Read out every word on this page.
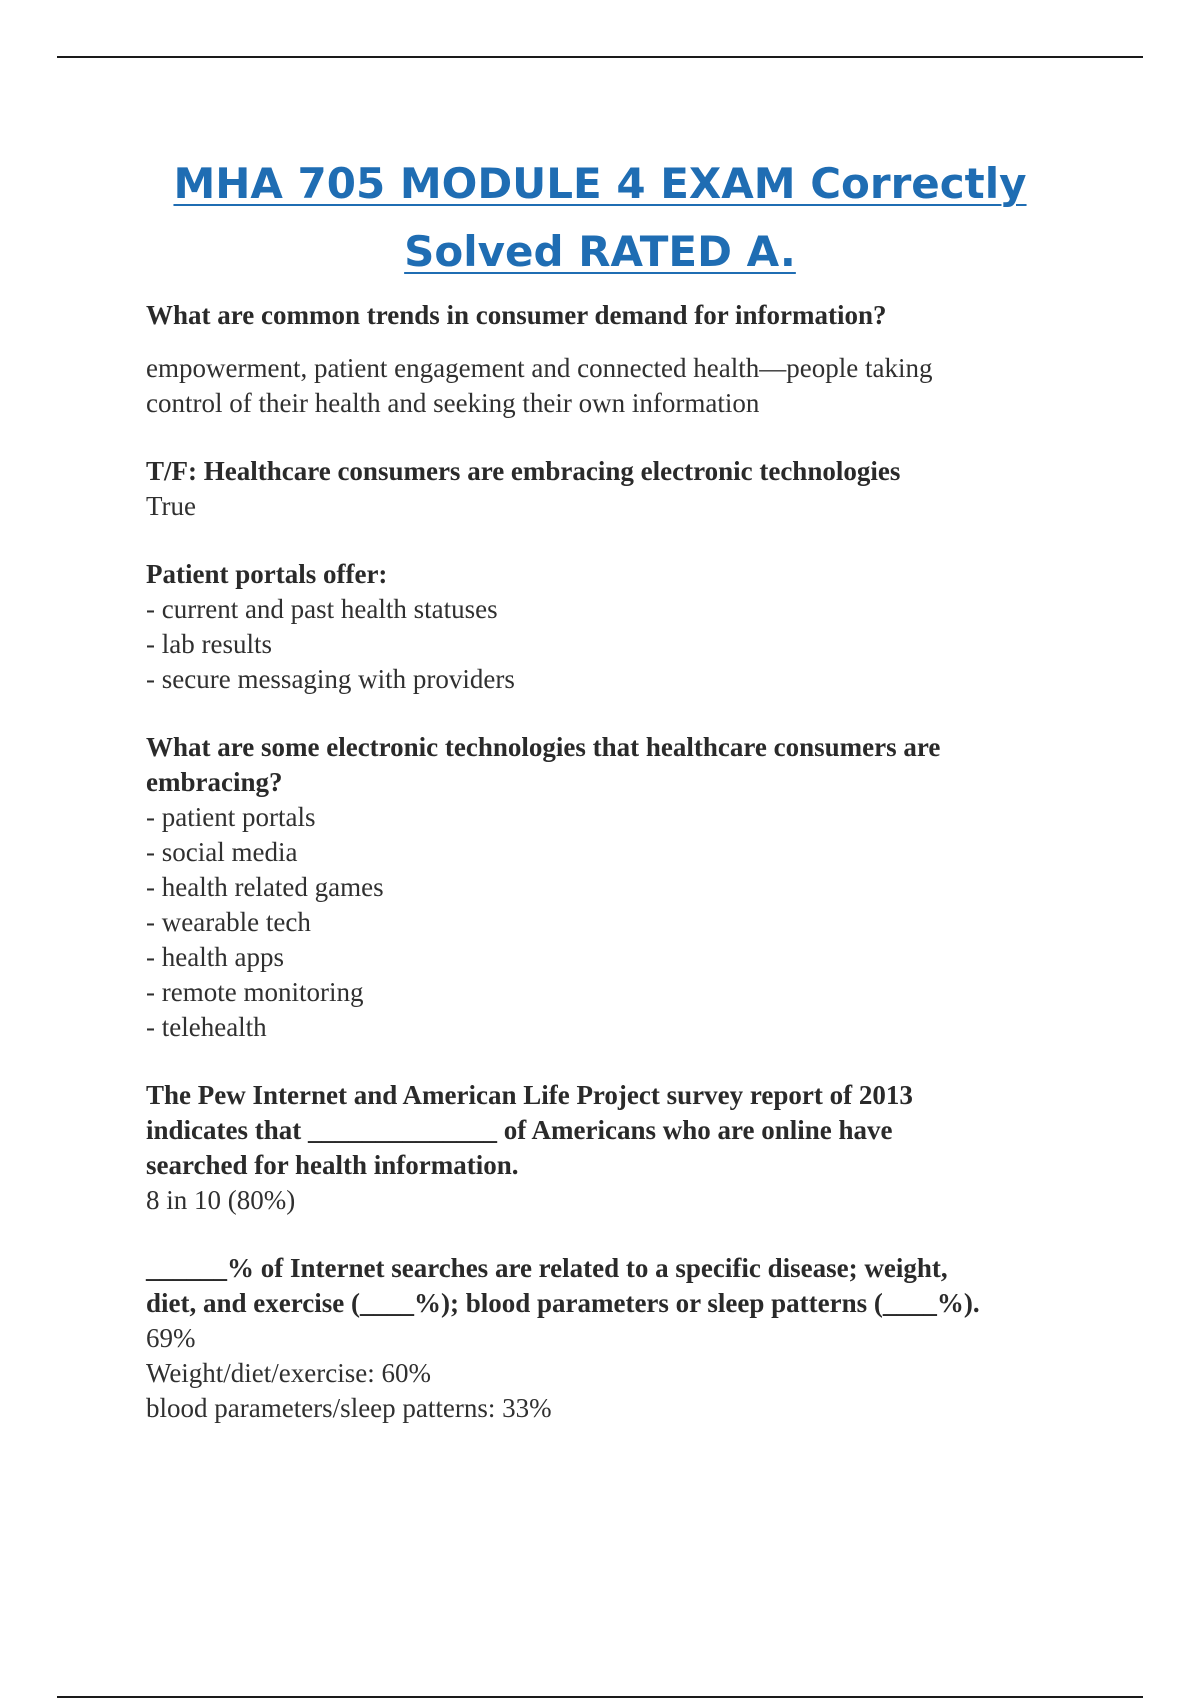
MHA 705 MODULE 4 EXAM Correctly
Solved RATED A.

What are common trends in consumer demand for information?

empowerment, patient engagement and connected health—people taking
control of their health and seeking their own information

T/F: Healthcare consumers are embracing electronic technologies

True

Patient portals offer:

- current and past health statuses
- lab results
- secure messaging with providers

What are some electronic technologies that healthcare consumers are
embracing?

- patient portals
- social media
- health related games
- wearable tech
- health apps
- remote monitoring
- telehealth

The Pew Internet and American Life Project survey report of 2013
indicates that ______________ of Americans who are online have
searched for health information.

8 in 10 (80%)

______% of Internet searches are related to a specific disease; weight,
diet, and exercise (____%); blood parameters or sleep patterns (____%).

69%
Weight/diet/exercise: 60%
blood parameters/sleep patterns: 33%
